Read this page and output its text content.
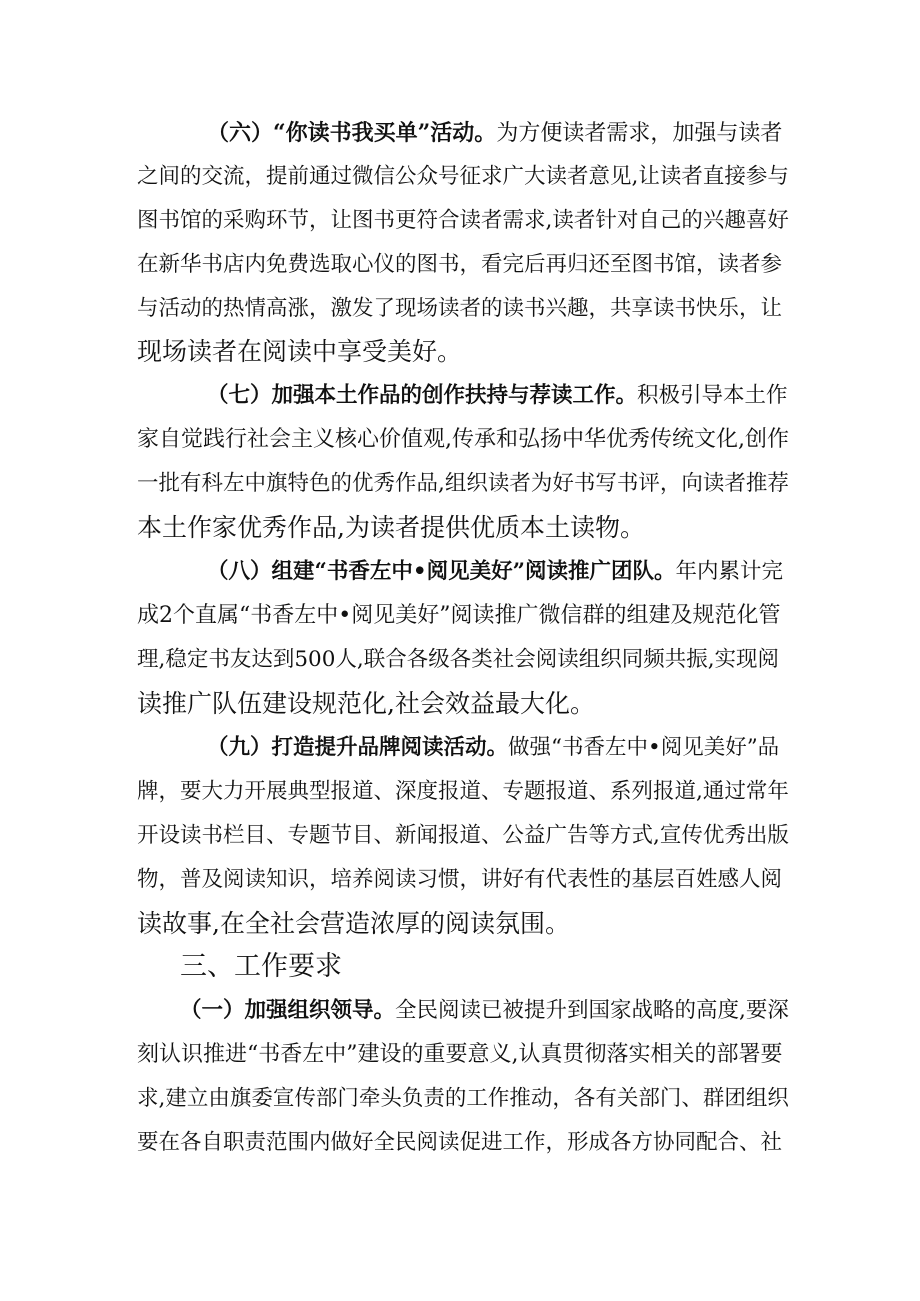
（六）“你读书我买单”活动。为方便读者需求，加强与读者
之间的交流，提前通过微信公众号征求广大读者意见,让读者直接参与
图书馆的采购环节，让图书更符合读者需求,读者针对自己的兴趣喜好
在新华书店内免费选取心仪的图书，看完后再归还至图书馆，读者参
与活动的热情高涨，激发了现场读者的读书兴趣，共享读书快乐，让
现场读者在阅读中享受美好。
（七）加强本土作品的创作扶持与荐读工作。积极引导本土作
家自觉践行社会主义核心价值观,传承和弘扬中华优秀传统文化,创作
一批有科左中旗特色的优秀作品,组织读者为好书写书评，向读者推荐
本土作家优秀作品,为读者提供优质本土读物。
（八）组建“书香左中•阅见美好”阅读推广团队。年内累计完
成2个直属“书香左中•阅见美好”阅读推广微信群的组建及规范化管
理,稳定书友达到500人,联合各级各类社会阅读组织同频共振,实现阅
读推广队伍建设规范化,社会效益最大化。
（九）打造提升品牌阅读活动。做强“书香左中•阅见美好”品
牌，要大力开展典型报道、深度报道、专题报道、系列报道,通过常年
开设读书栏目、专题节目、新闻报道、公益广告等方式,宣传优秀出版
物，普及阅读知识，培养阅读习惯，讲好有代表性的基层百姓感人阅
读故事,在全社会营造浓厚的阅读氛围。
三、工作要求
（一）加强组织领导。全民阅读已被提升到国家战略的高度,要深
刻认识推进“书香左中”建设的重要意义,认真贯彻落实相关的部署要
求,建立由旗委宣传部门牵头负责的工作推动，各有关部门、群团组织
要在各自职责范围内做好全民阅读促进工作，形成各方协同配合、社
